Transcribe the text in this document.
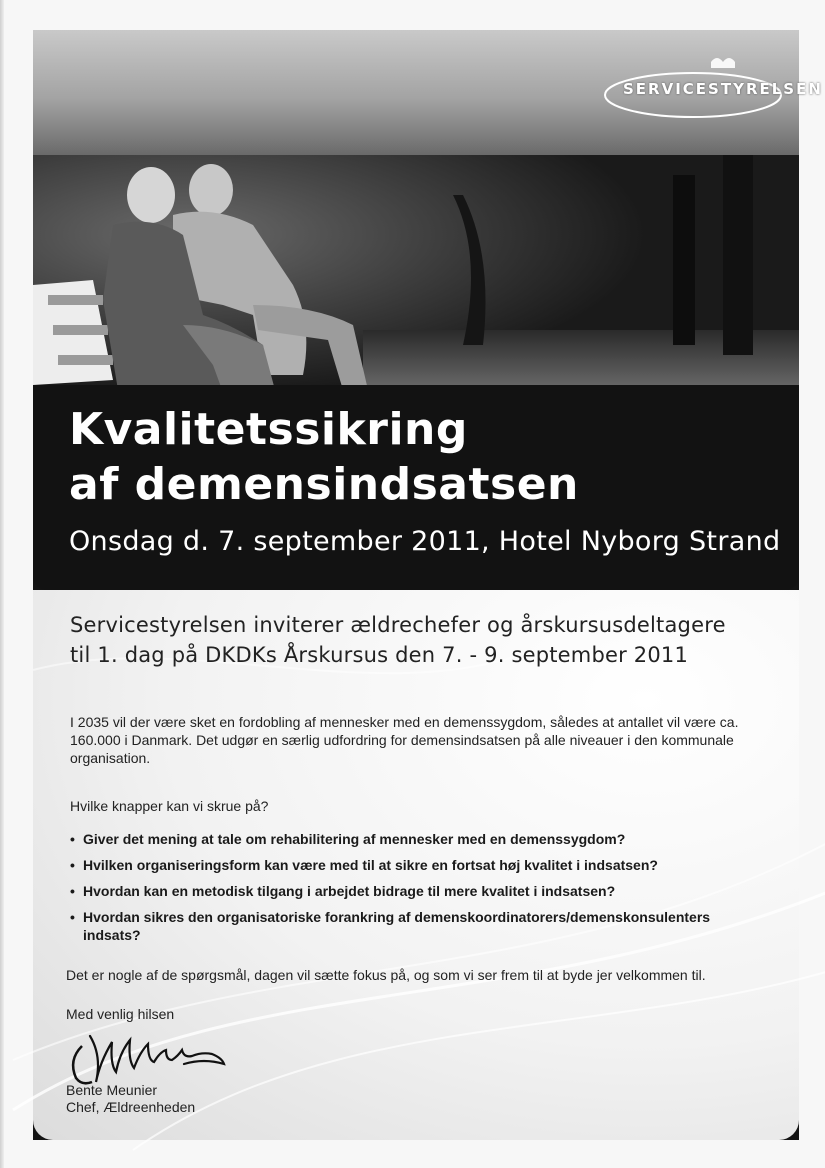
SERVICESTYRELSEN
Kvalitetssikring
af demensindsatsen
Onsdag d. 7. september 2011, Hotel Nyborg Strand
Servicestyrelsen inviterer ældrechefer og årskursusdeltagere
til 1. dag på DKDKs Årskursus den 7. - 9. september 2011

I 2035 vil der være sket en fordobling af mennesker med en demenssygdom, således at antallet vil være ca. 160.000 i Danmark. Det udgør en særlig udfordring for demensindsatsen på alle niveauer i den kommunale organisation.

Hvilke knapper kan vi skrue på?

• Giver det mening at tale om rehabilitering af mennesker med en demenssygdom?
• Hvilken organiseringsform kan være med til at sikre en fortsat høj kvalitet i indsatsen?
• Hvordan kan en metodisk tilgang i arbejdet bidrage til mere kvalitet i indsatsen?
• Hvordan sikres den organisatoriske forankring af demenskoordinatorers/demenskonsulenters indsats?

Det er nogle af de spørgsmål, dagen vil sætte fokus på, og som vi ser frem til at byde jer velkommen til.

Med venlig hilsen

Bente Meunier
Chef, Ældreenheden
